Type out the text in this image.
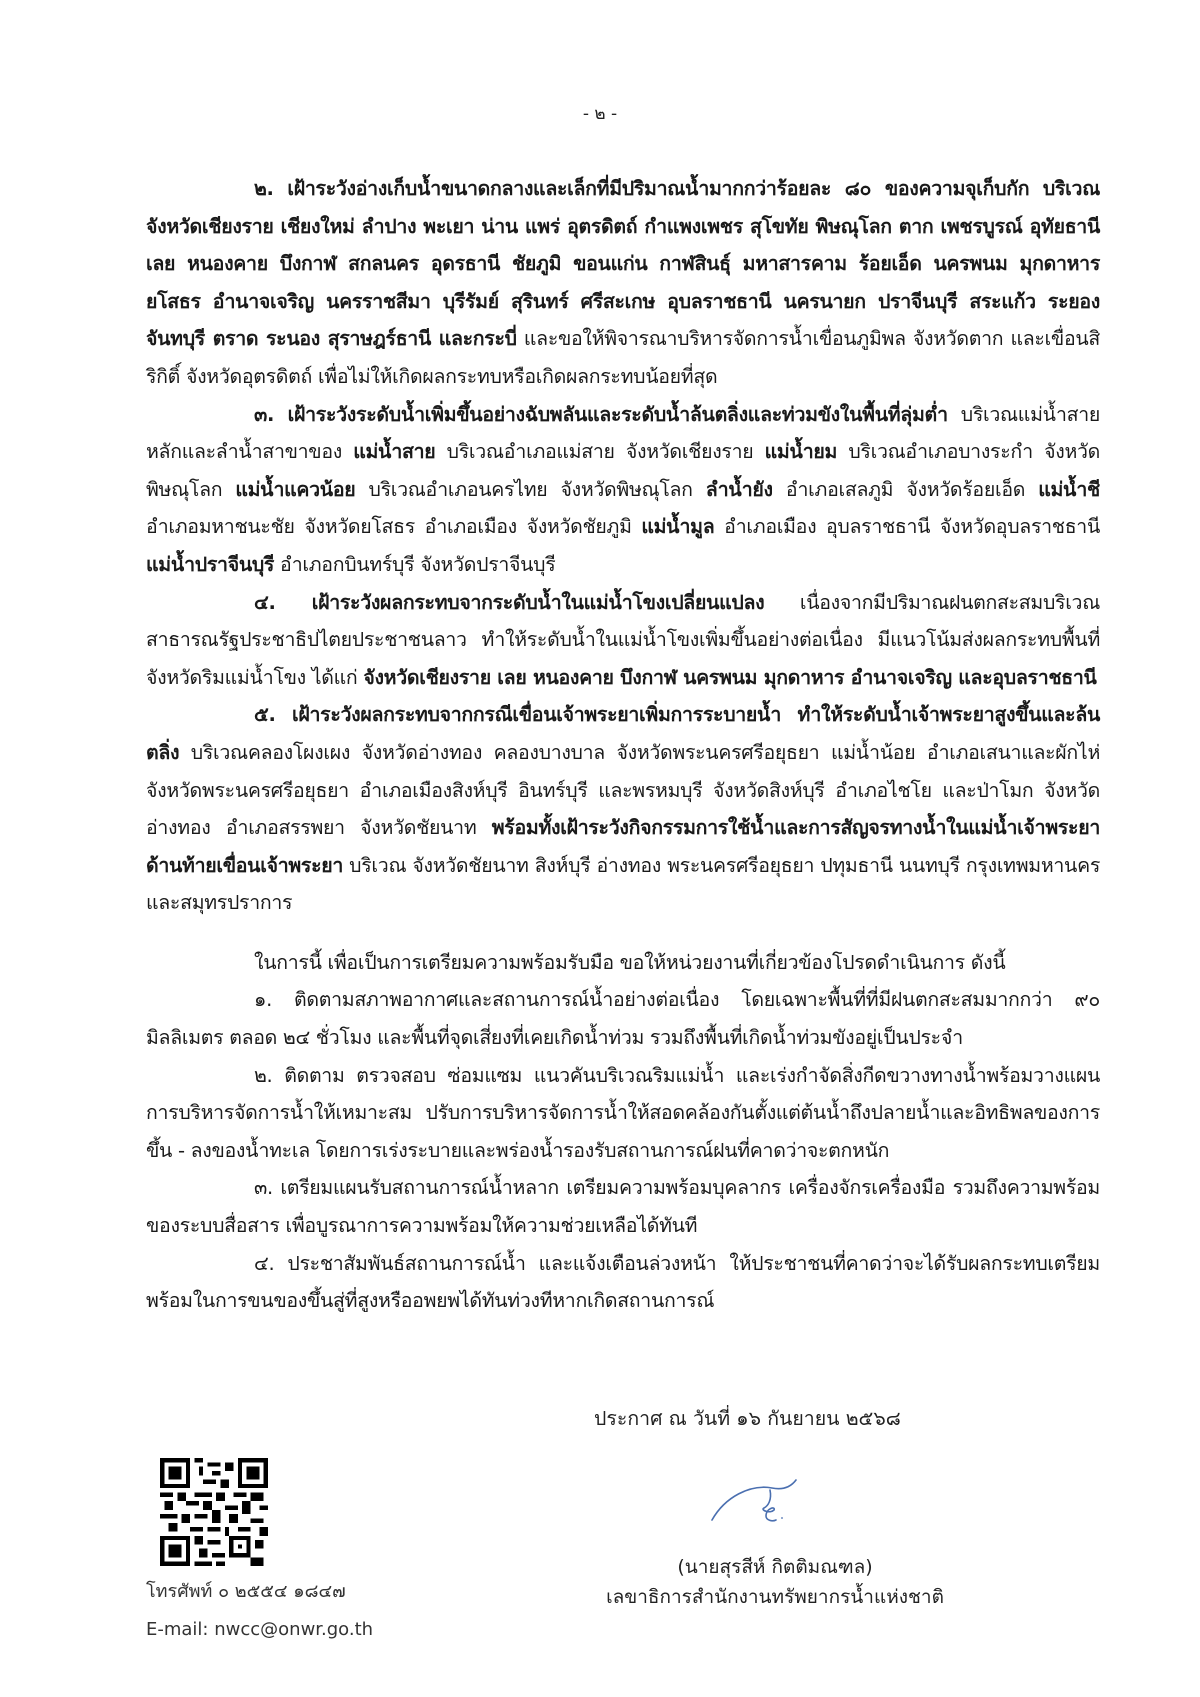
- ๒ -

๒. เฝ้าระวังอ่างเก็บน้ำขนาดกลางและเล็กที่มีปริมาณน้ำมากกว่าร้อยละ ๘๐ ของความจุเก็บกัก บริเวณ จังหวัดเชียงราย เชียงใหม่ ลำปาง พะเยา น่าน แพร่ อุตรดิตถ์ กำแพงเพชร สุโขทัย พิษณุโลก ตาก เพชรบูรณ์ อุทัยธานี เลย หนองคาย บึงกาฬ สกลนคร อุดรธานี ชัยภูมิ ขอนแก่น กาฬสินธุ์ มหาสารคาม ร้อยเอ็ด นครพนม มุกดาหาร ยโสธร อำนาจเจริญ นครราชสีมา บุรีรัมย์ สุรินทร์ ศรีสะเกษ อุบลราชธานี นครนายก ปราจีนบุรี สระแก้ว ระยอง จันทบุรี ตราด ระนอง สุราษฎร์ธานี และกระบี่ และขอให้พิจารณาบริหารจัดการน้ำเขื่อนภูมิพล จังหวัดตาก และเขื่อนสิริกิติ์ จังหวัดอุตรดิตถ์ เพื่อไม่ให้เกิดผลกระทบหรือเกิดผลกระทบน้อยที่สุด

๓. เฝ้าระวังระดับน้ำเพิ่มขึ้นอย่างฉับพลันและระดับน้ำล้นตลิ่งและท่วมขังในพื้นที่ลุ่มต่ำ บริเวณแม่น้ำสายหลักและลำน้ำสาขาของ แม่น้ำสาย บริเวณอำเภอแม่สาย จังหวัดเชียงราย แม่น้ำยม บริเวณอำเภอบางระกำ จังหวัดพิษณุโลก แม่น้ำแควน้อย บริเวณอำเภอนครไทย จังหวัดพิษณุโลก ลำน้ำยัง อำเภอเสลภูมิ จังหวัดร้อยเอ็ด แม่น้ำชี อำเภอมหาชนะชัย จังหวัดยโสธร อำเภอเมือง จังหวัดชัยภูมิ แม่น้ำมูล อำเภอเมือง อุบลราชธานี จังหวัดอุบลราชธานี แม่น้ำปราจีนบุรี อำเภอกบินทร์บุรี จังหวัดปราจีนบุรี

๔. เฝ้าระวังผลกระทบจากระดับน้ำในแม่น้ำโขงเปลี่ยนแปลง เนื่องจากมีปริมาณฝนตกสะสมบริเวณสาธารณรัฐประชาธิปไตยประชาชนลาว ทำให้ระดับน้ำในแม่น้ำโขงเพิ่มขึ้นอย่างต่อเนื่อง มีแนวโน้มส่งผลกระทบพื้นที่จังหวัดริมแม่น้ำโขง ได้แก่ จังหวัดเชียงราย เลย หนองคาย บึงกาฬ นครพนม มุกดาหาร อำนาจเจริญ และอุบลราชธานี

๕. เฝ้าระวังผลกระทบจากกรณีเขื่อนเจ้าพระยาเพิ่มการระบายน้ำ ทำให้ระดับน้ำเจ้าพระยาสูงขึ้นและล้นตลิ่ง บริเวณคลองโผงเผง จังหวัดอ่างทอง คลองบางบาล จังหวัดพระนครศรีอยุธยา แม่น้ำน้อย อำเภอเสนาและผักไห่ จังหวัดพระนครศรีอยุธยา อำเภอเมืองสิงห์บุรี อินทร์บุรี และพรหมบุรี จังหวัดสิงห์บุรี อำเภอไชโย และป่าโมก จังหวัดอ่างทอง อำเภอสรรพยา จังหวัดชัยนาท พร้อมทั้งเฝ้าระวังกิจกรรมการใช้น้ำและการสัญจรทางน้ำในแม่น้ำเจ้าพระยา ด้านท้ายเขื่อนเจ้าพระยา บริเวณ จังหวัดชัยนาท สิงห์บุรี อ่างทอง พระนครศรีอยุธยา ปทุมธานี นนทบุรี กรุงเทพมหานคร และสมุทรปราการ

ในการนี้ เพื่อเป็นการเตรียมความพร้อมรับมือ ขอให้หน่วยงานที่เกี่ยวข้องโปรดดำเนินการ ดังนี้

๑. ติดตามสภาพอากาศและสถานการณ์น้ำอย่างต่อเนื่อง โดยเฉพาะพื้นที่ที่มีฝนตกสะสมมากกว่า ๙๐ มิลลิเมตร ตลอด ๒๔ ชั่วโมง และพื้นที่จุดเสี่ยงที่เคยเกิดน้ำท่วม รวมถึงพื้นที่เกิดน้ำท่วมขังอยู่เป็นประจำ

๒. ติดตาม ตรวจสอบ ซ่อมแซม แนวคันบริเวณริมแม่น้ำ และเร่งกำจัดสิ่งกีดขวางทางน้ำพร้อมวางแผนการบริหารจัดการน้ำให้เหมาะสม ปรับการบริหารจัดการน้ำให้สอดคล้องกันตั้งแต่ต้นน้ำถึงปลายน้ำและอิทธิพลของการขึ้น - ลงของน้ำทะเล โดยการเร่งระบายและพร่องน้ำรองรับสถานการณ์ฝนที่คาดว่าจะตกหนัก

๓. เตรียมแผนรับสถานการณ์น้ำหลาก เตรียมความพร้อมบุคลากร เครื่องจักรเครื่องมือ รวมถึงความพร้อมของระบบสื่อสาร เพื่อบูรณาการความพร้อมให้ความช่วยเหลือได้ทันที

๔. ประชาสัมพันธ์สถานการณ์น้ำ และแจ้งเตือนล่วงหน้า ให้ประชาชนที่คาดว่าจะได้รับผลกระทบเตรียมพร้อมในการขนของขึ้นสู่ที่สูงหรืออพยพได้ทันท่วงทีหากเกิดสถานการณ์

ประกาศ ณ วันที่ ๑๖ กันยายน ๒๕๖๘
โทรศัพท์ ๐ ๒๕๕๔ ๑๘๔๗
E-mail: nwcc@onwr.go.th
(นายสุรสีห์ กิตติมณฑล)
เลขาธิการสำนักงานทรัพยากรน้ำแห่งชาติ
